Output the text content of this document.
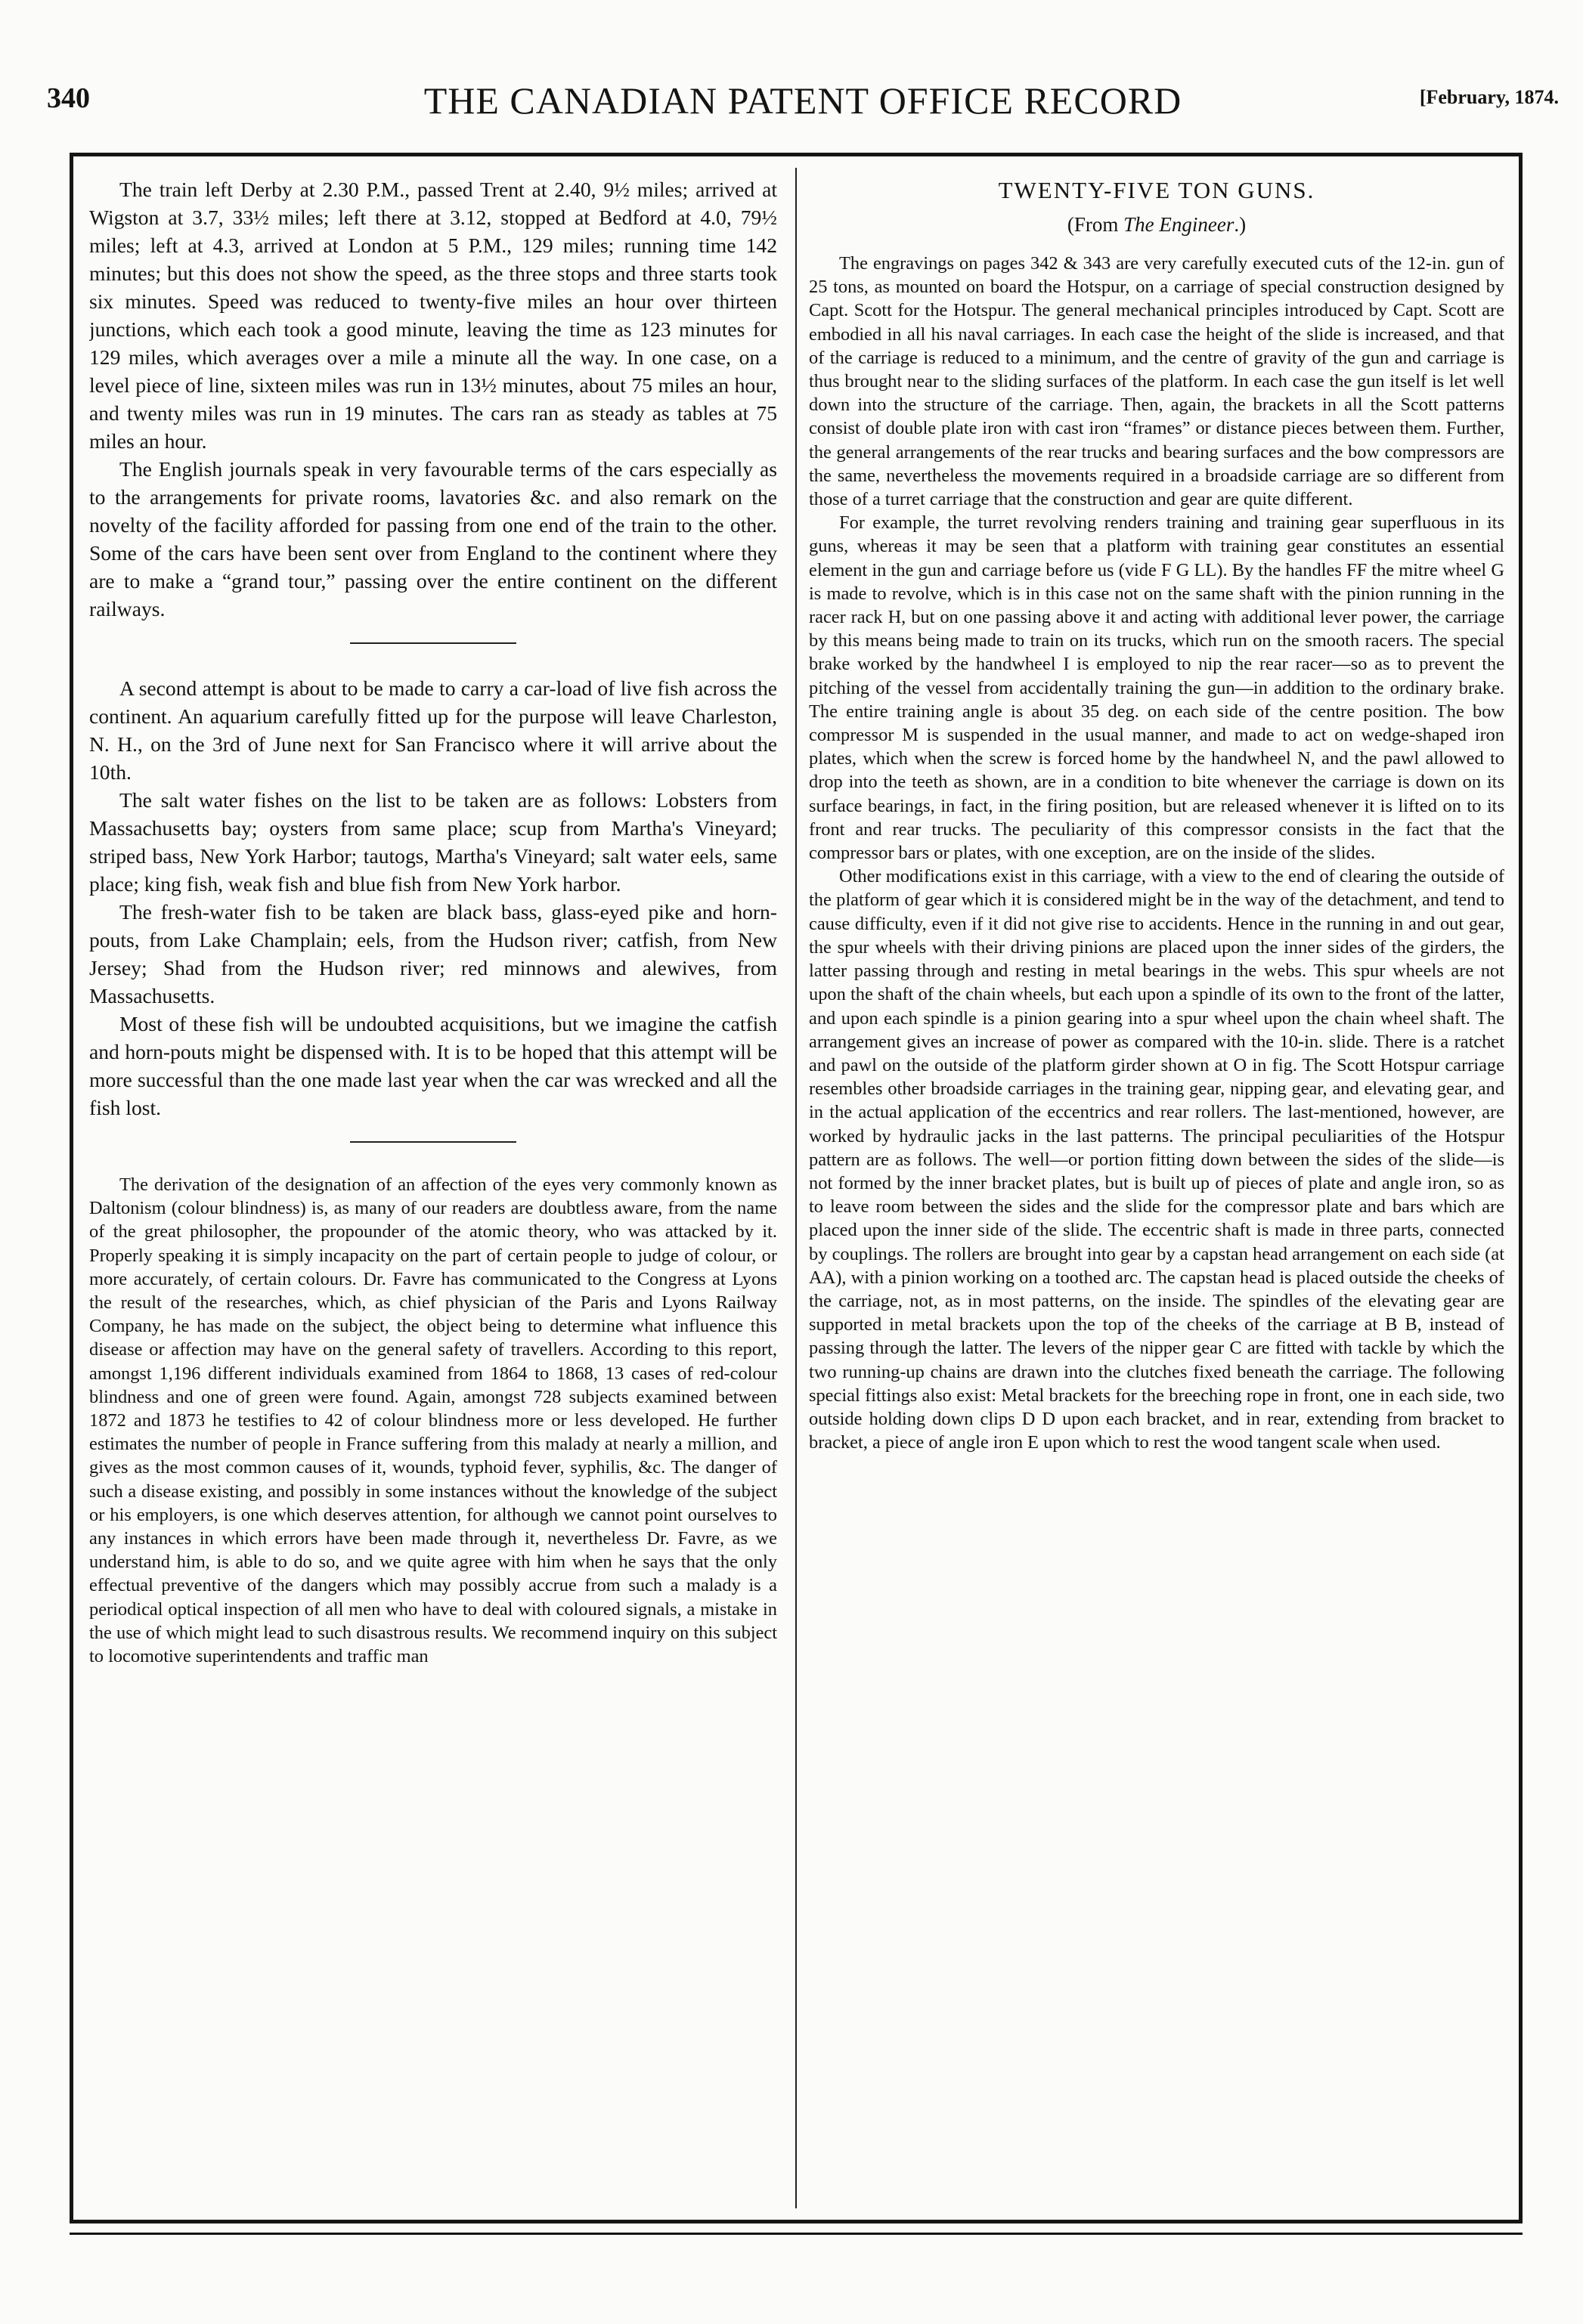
340	THE CANADIAN PATENT OFFICE RECORD	[February, 1874.

The train left Derby at 2.30 P.M., passed Trent at 2.40, 9½ miles; arrived at Wigston at 3.7, 33½ miles; left there at 3.12, stopped at Bedford at 4.0, 79½ miles; left at 4.3, arrived at London at 5 P.M., 129 miles; running time 142 minutes; but this does not show the speed, as the three stops and three starts took six minutes. Speed was reduced to twenty-five miles an hour over thirteen junctions, which each took a good minute, leaving the time as 123 minutes for 129 miles, which averages over a mile a minute all the way. In one case, on a level piece of line, sixteen miles was run in 13½ minutes, about 75 miles an hour, and twenty miles was run in 19 minutes. The cars ran as steady as tables at 75 miles an hour.

The English journals speak in very favourable terms of the cars especially as to the arrangements for private rooms, lavatories &c. and also remark on the novelty of the facility afforded for passing from one end of the train to the other. Some of the cars have been sent over from England to the continent where they are to make a “grand tour,” passing over the entire continent on the different railways.

A second attempt is about to be made to carry a car-load of live fish across the continent. An aquarium carefully fitted up for the purpose will leave Charleston, N. H., on the 3rd of June next for San Francisco where it will arrive about the 10th.

The salt water fishes on the list to be taken are as follows: Lobsters from Massachusetts bay; oysters from same place; scup from Martha's Vineyard; striped bass, New York Harbor; tautogs, Martha's Vineyard; salt water eels, same place; king fish, weak fish and blue fish from New York harbor.

The fresh-water fish to be taken are black bass, glass-eyed pike and horn-pouts, from Lake Champlain; eels, from the Hudson river; catfish, from New Jersey; Shad from the Hudson river; red minnows and alewives, from Massachusetts.

Most of these fish will be undoubted acquisitions, but we imagine the catfish and horn-pouts might be dispensed with. It is to be hoped that this attempt will be more successful than the one made last year when the car was wrecked and all the fish lost.

The derivation of the designation of an affection of the eyes very commonly known as Daltonism (colour blindness) is, as many of our readers are doubtless aware, from the name of the great philosopher, the propounder of the atomic theory, who was attacked by it. Properly speaking it is simply incapacity on the part of certain people to judge of colour, or more accurately, of certain colours. Dr. Favre has communicated to the Congress at Lyons the result of the researches, which, as chief physician of the Paris and Lyons Railway Company, he has made on the subject, the object being to determine what influence this disease or affection may have on the general safety of travellers. According to this report, amongst 1,196 different individuals examined from 1864 to 1868, 13 cases of red-colour blindness and one of green were found. Again, amongst 728 subjects examined between 1872 and 1873 he testifies to 42 of colour blindness more or less developed. He further estimates the number of people in France suffering from this malady at nearly a million, and gives as the most common causes of it, wounds, typhoid fever, syphilis, &c. The danger of such a disease existing, and possibly in some instances without the knowledge of the subject or his employers, is one which deserves attention, for although we cannot point ourselves to any instances in which errors have been made through it, nevertheless Dr. Favre, as we understand him, is able to do so, and we quite agree with him when he says that the only effectual preventive of the dangers which may possibly accrue from such a malady is a periodical optical inspection of all men who have to deal with coloured signals, a mistake in the use of which might lead to such disastrous results. We recommend inquiry on this subject to locomotive superintendents and traffic man

TWENTY-FIVE TON GUNS.
(From The Engineer.)

The engravings on pages 342 & 343 are very carefully executed cuts of the 12-in. gun of 25 tons, as mounted on board the Hotspur, on a carriage of special construction designed by Capt. Scott for the Hotspur. The general mechanical principles introduced by Capt. Scott are embodied in all his naval carriages. In each case the height of the slide is increased, and that of the carriage is reduced to a minimum, and the centre of gravity of the gun and carriage is thus brought near to the sliding surfaces of the platform. In each case the gun itself is let well down into the structure of the carriage. Then, again, the brackets in all the Scott patterns consist of double plate iron with cast iron “frames” or distance pieces between them. Further, the general arrangements of the rear trucks and bearing surfaces and the bow compressors are the same, nevertheless the movements required in a broadside carriage are so different from those of a turret carriage that the construction and gear are quite different.

For example, the turret revolving renders training and training gear superfluous in its guns, whereas it may be seen that a platform with training gear constitutes an essential element in the gun and carriage before us (vide F G LL). By the handles FF the mitre wheel G is made to revolve, which is in this case not on the same shaft with the pinion running in the racer rack H, but on one passing above it and acting with additional lever power, the carriage by this means being made to train on its trucks, which run on the smooth racers. The special brake worked by the handwheel I is employed to nip the rear racer—so as to prevent the pitching of the vessel from accidentally training the gun—in addition to the ordinary brake. The entire training angle is about 35 deg. on each side of the centre position. The bow compressor M is suspended in the usual manner, and made to act on wedge-shaped iron plates, which when the screw is forced home by the handwheel N, and the pawl allowed to drop into the teeth as shown, are in a condition to bite whenever the carriage is down on its surface bearings, in fact, in the firing position, but are released whenever it is lifted on to its front and rear trucks. The peculiarity of this compressor consists in the fact that the compressor bars or plates, with one exception, are on the inside of the slides.

Other modifications exist in this carriage, with a view to the end of clearing the outside of the platform of gear which it is considered might be in the way of the detachment, and tend to cause difficulty, even if it did not give rise to accidents. Hence in the running in and out gear, the spur wheels with their driving pinions are placed upon the inner sides of the girders, the latter passing through and resting in metal bearings in the webs. This spur wheels are not upon the shaft of the chain wheels, but each upon a spindle of its own to the front of the latter, and upon each spindle is a pinion gearing into a spur wheel upon the chain wheel shaft. The arrangement gives an increase of power as compared with the 10-in. slide. There is a ratchet and pawl on the outside of the platform girder shown at O in fig. The Scott Hotspur carriage resembles other broadside carriages in the training gear, nipping gear, and elevating gear, and in the actual application of the eccentrics and rear rollers. The last-mentioned, however, are worked by hydraulic jacks in the last patterns. The principal peculiarities of the Hotspur pattern are as follows. The well—or portion fitting down between the sides of the slide—is not formed by the inner bracket plates, but is built up of pieces of plate and angle iron, so as to leave room between the sides and the slide for the compressor plate and bars which are placed upon the inner side of the slide. The eccentric shaft is made in three parts, connected by couplings. The rollers are brought into gear by a capstan head arrangement on each side (at AA), with a pinion working on a toothed arc. The capstan head is placed outside the cheeks of the carriage, not, as in most patterns, on the inside. The spindles of the elevating gear are supported in metal brackets upon the top of the cheeks of the carriage at B B, instead of passing through the latter. The levers of the nipper gear C are fitted with tackle by which the two running-up chains are drawn into the clutches fixed beneath the carriage. The following special fittings also exist: Metal brackets for the breeching rope in front, one in each side, two outside holding down clips D D upon each bracket, and in rear, extending from bracket to bracket, a piece of angle iron E upon which to rest the wood tangent scale when used.
